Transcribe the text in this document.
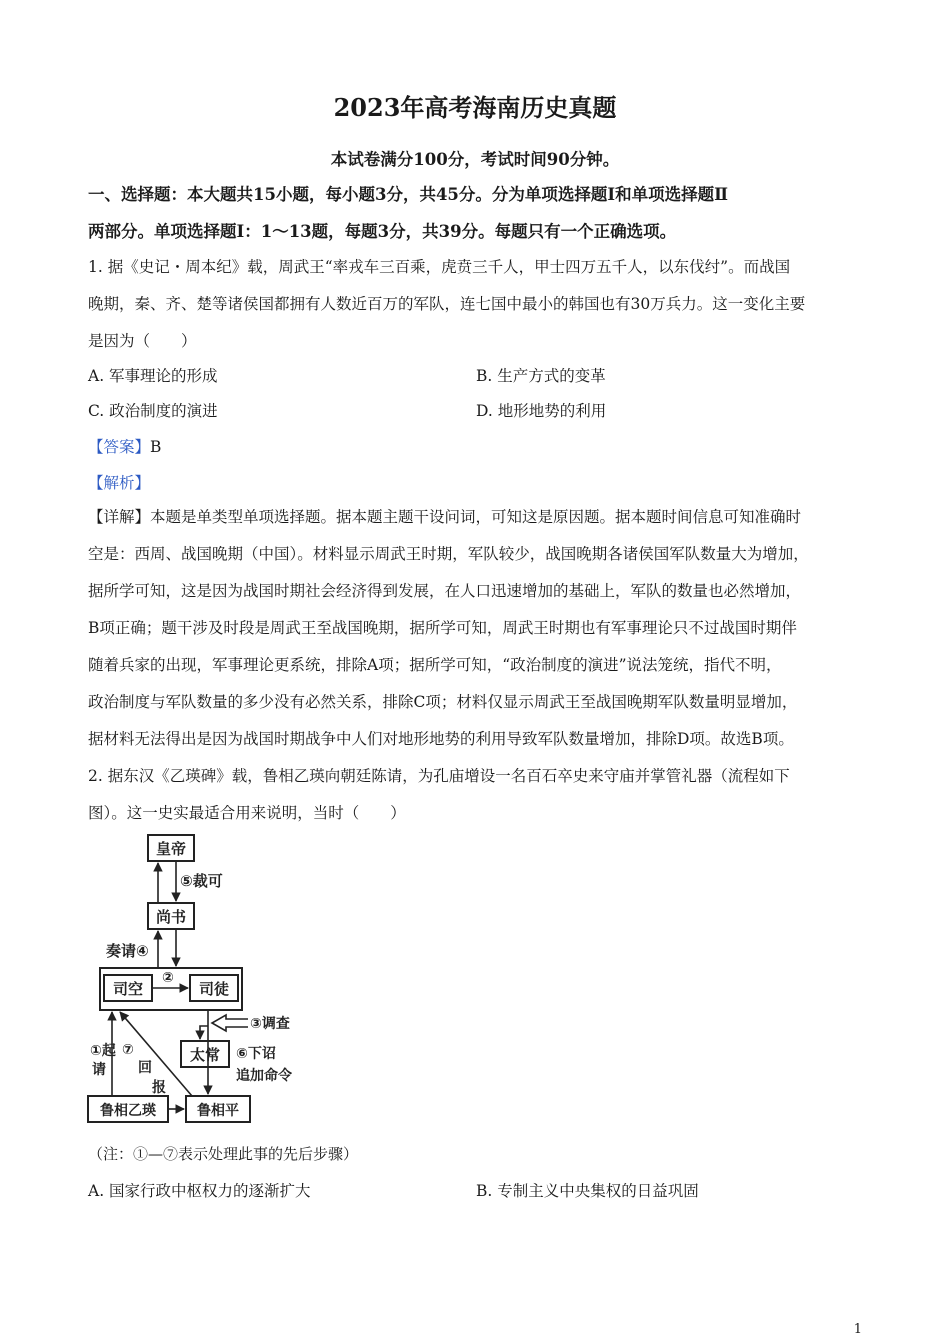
2023年高考海南历史真题
本试卷满分100分，考试时间90分钟。
一、选择题：本大题共15小题，每小题3分，共45分。分为单项选择题Ⅰ和单项选择题Ⅱ
两部分。单项选择题Ⅰ：1～13题，每题3分，共39分。每题只有一个正确选项。
1. 据《史记・周本纪》载，周武王“率戎车三百乘，虎贲三千人，甲士四万五千人，以东伐纣”。而战国
晚期，秦、齐、楚等诸侯国都拥有人数近百万的军队，连七国中最小的韩国也有30万兵力。这一变化主要
是因为（　　）
A. 军事理论的形成	B. 生产方式的变革
C. 政治制度的演进	D. 地形地势的利用
【答案】B
【解析】
【详解】本题是单类型单项选择题。据本题主题干设问词，可知这是原因题。据本题时间信息可知准确时
空是：西周、战国晚期（中国）。材料显示周武王时期，军队较少，战国晚期各诸侯国军队数量大为增加，
据所学可知，这是因为战国时期社会经济得到发展，在人口迅速增加的基础上，军队的数量也必然增加，
B项正确；题干涉及时段是周武王至战国晚期，据所学可知，周武王时期也有军事理论只不过战国时期伴
随着兵家的出现，军事理论更系统，排除A项；据所学可知，“政治制度的演进”说法笼统，指代不明，
政治制度与军队数量的多少没有必然关系，排除C项；材料仅显示周武王至战国晚期军队数量明显增加，
据材料无法得出是因为战国时期战争中人们对地形地势的利用导致军队数量增加，排除D项。故选B项。
2. 据东汉《乙瑛碑》载，鲁相乙瑛向朝廷陈请，为孔庙增设一名百石卒史来守庙并掌管礼器（流程如下
图）。这一史实最适合用来说明，当时（　　）
皇帝
尚书
司空	司徒
太常
鲁相乙瑛	鲁相平
⑤裁可
奏请④
②
③调查
⑥下诏
追加命令
①起
请
⑦
回
报
（注：①—⑦表示处理此事的先后步骤）
A. 国家行政中枢权力的逐渐扩大	B. 专制主义中央集权的日益巩固
1
